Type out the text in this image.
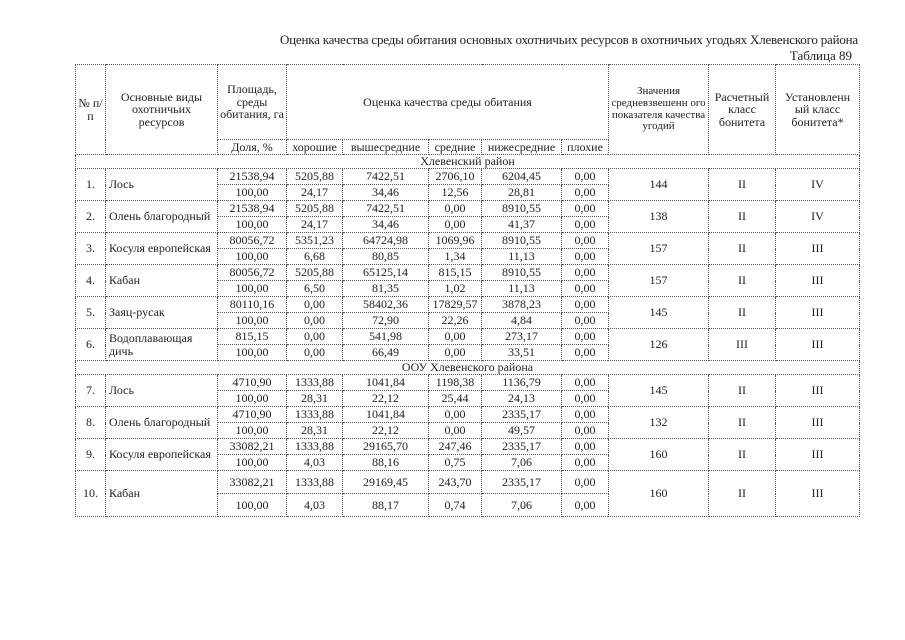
Оценка качества среды обитания основных охотничьих ресурсов в охотничьих угодьях Хлевенского района
Таблица 89
№ п/п	Основные виды охотничьих ресурсов	Площадь, среды обитания, га	Оценка качества среды обитания					Значения средневзвешенн ого показателя качества угодий	Расчетный класс бонитета	Установленн ый класс бонитета*
		Доля, %	хорошие	вышесредние	средние	нижесредние	плохие			
Хлевенский район										
1.	Лось	21538,94	5205,88	7422,51	2706,10	6204,45	0,00	144	II	IV
		100,00	24,17	34,46	12,56	28,81	0,00			
2.	Олень благородный	21538,94	5205,88	7422,51	0,00	8910,55	0,00	138	II	IV
		100,00	24,17	34,46	0,00	41,37	0,00			
3.	Косуля европейская	80056,72	5351,23	64724,98	1069,96	8910,55	0,00	157	II	III
		100,00	6,68	80,85	1,34	11,13	0,00			
4.	Кабан	80056,72	5205,88	65125,14	815,15	8910,55	0,00	157	II	III
		100,00	6,50	81,35	1,02	11,13	0,00			
5.	Заяц-русак	80110,16	0,00	58402,36	17829,57	3878,23	0,00	145	II	III
		100,00	0,00	72,90	22,26	4,84	0,00			
6.	Водоплавающая дичь	815,15	0,00	541,98	0,00	273,17	0,00	126	III	III
		100,00	0,00	66,49	0,00	33,51	0,00			
ООУ Хлевенского района										
7.	Лось	4710,90	1333,88	1041,84	1198,38	1136,79	0,00	145	II	III
		100,00	28,31	22,12	25,44	24,13	0,00			
8.	Олень благородный	4710,90	1333,88	1041,84	0,00	2335,17	0,00	132	II	III
		100,00	28,31	22,12	0,00	49,57	0,00			
9.	Косуля европейская	33082,21	1333,88	29165,70	247,46	2335,17	0,00	160	II	III
		100,00	4,03	88,16	0,75	7,06	0,00			
10.	Кабан	33082,21	1333,88	29169,45	243,70	2335,17	0,00	160	II	III
		100,00	4,03	88,17	0,74	7,06	0,00			
